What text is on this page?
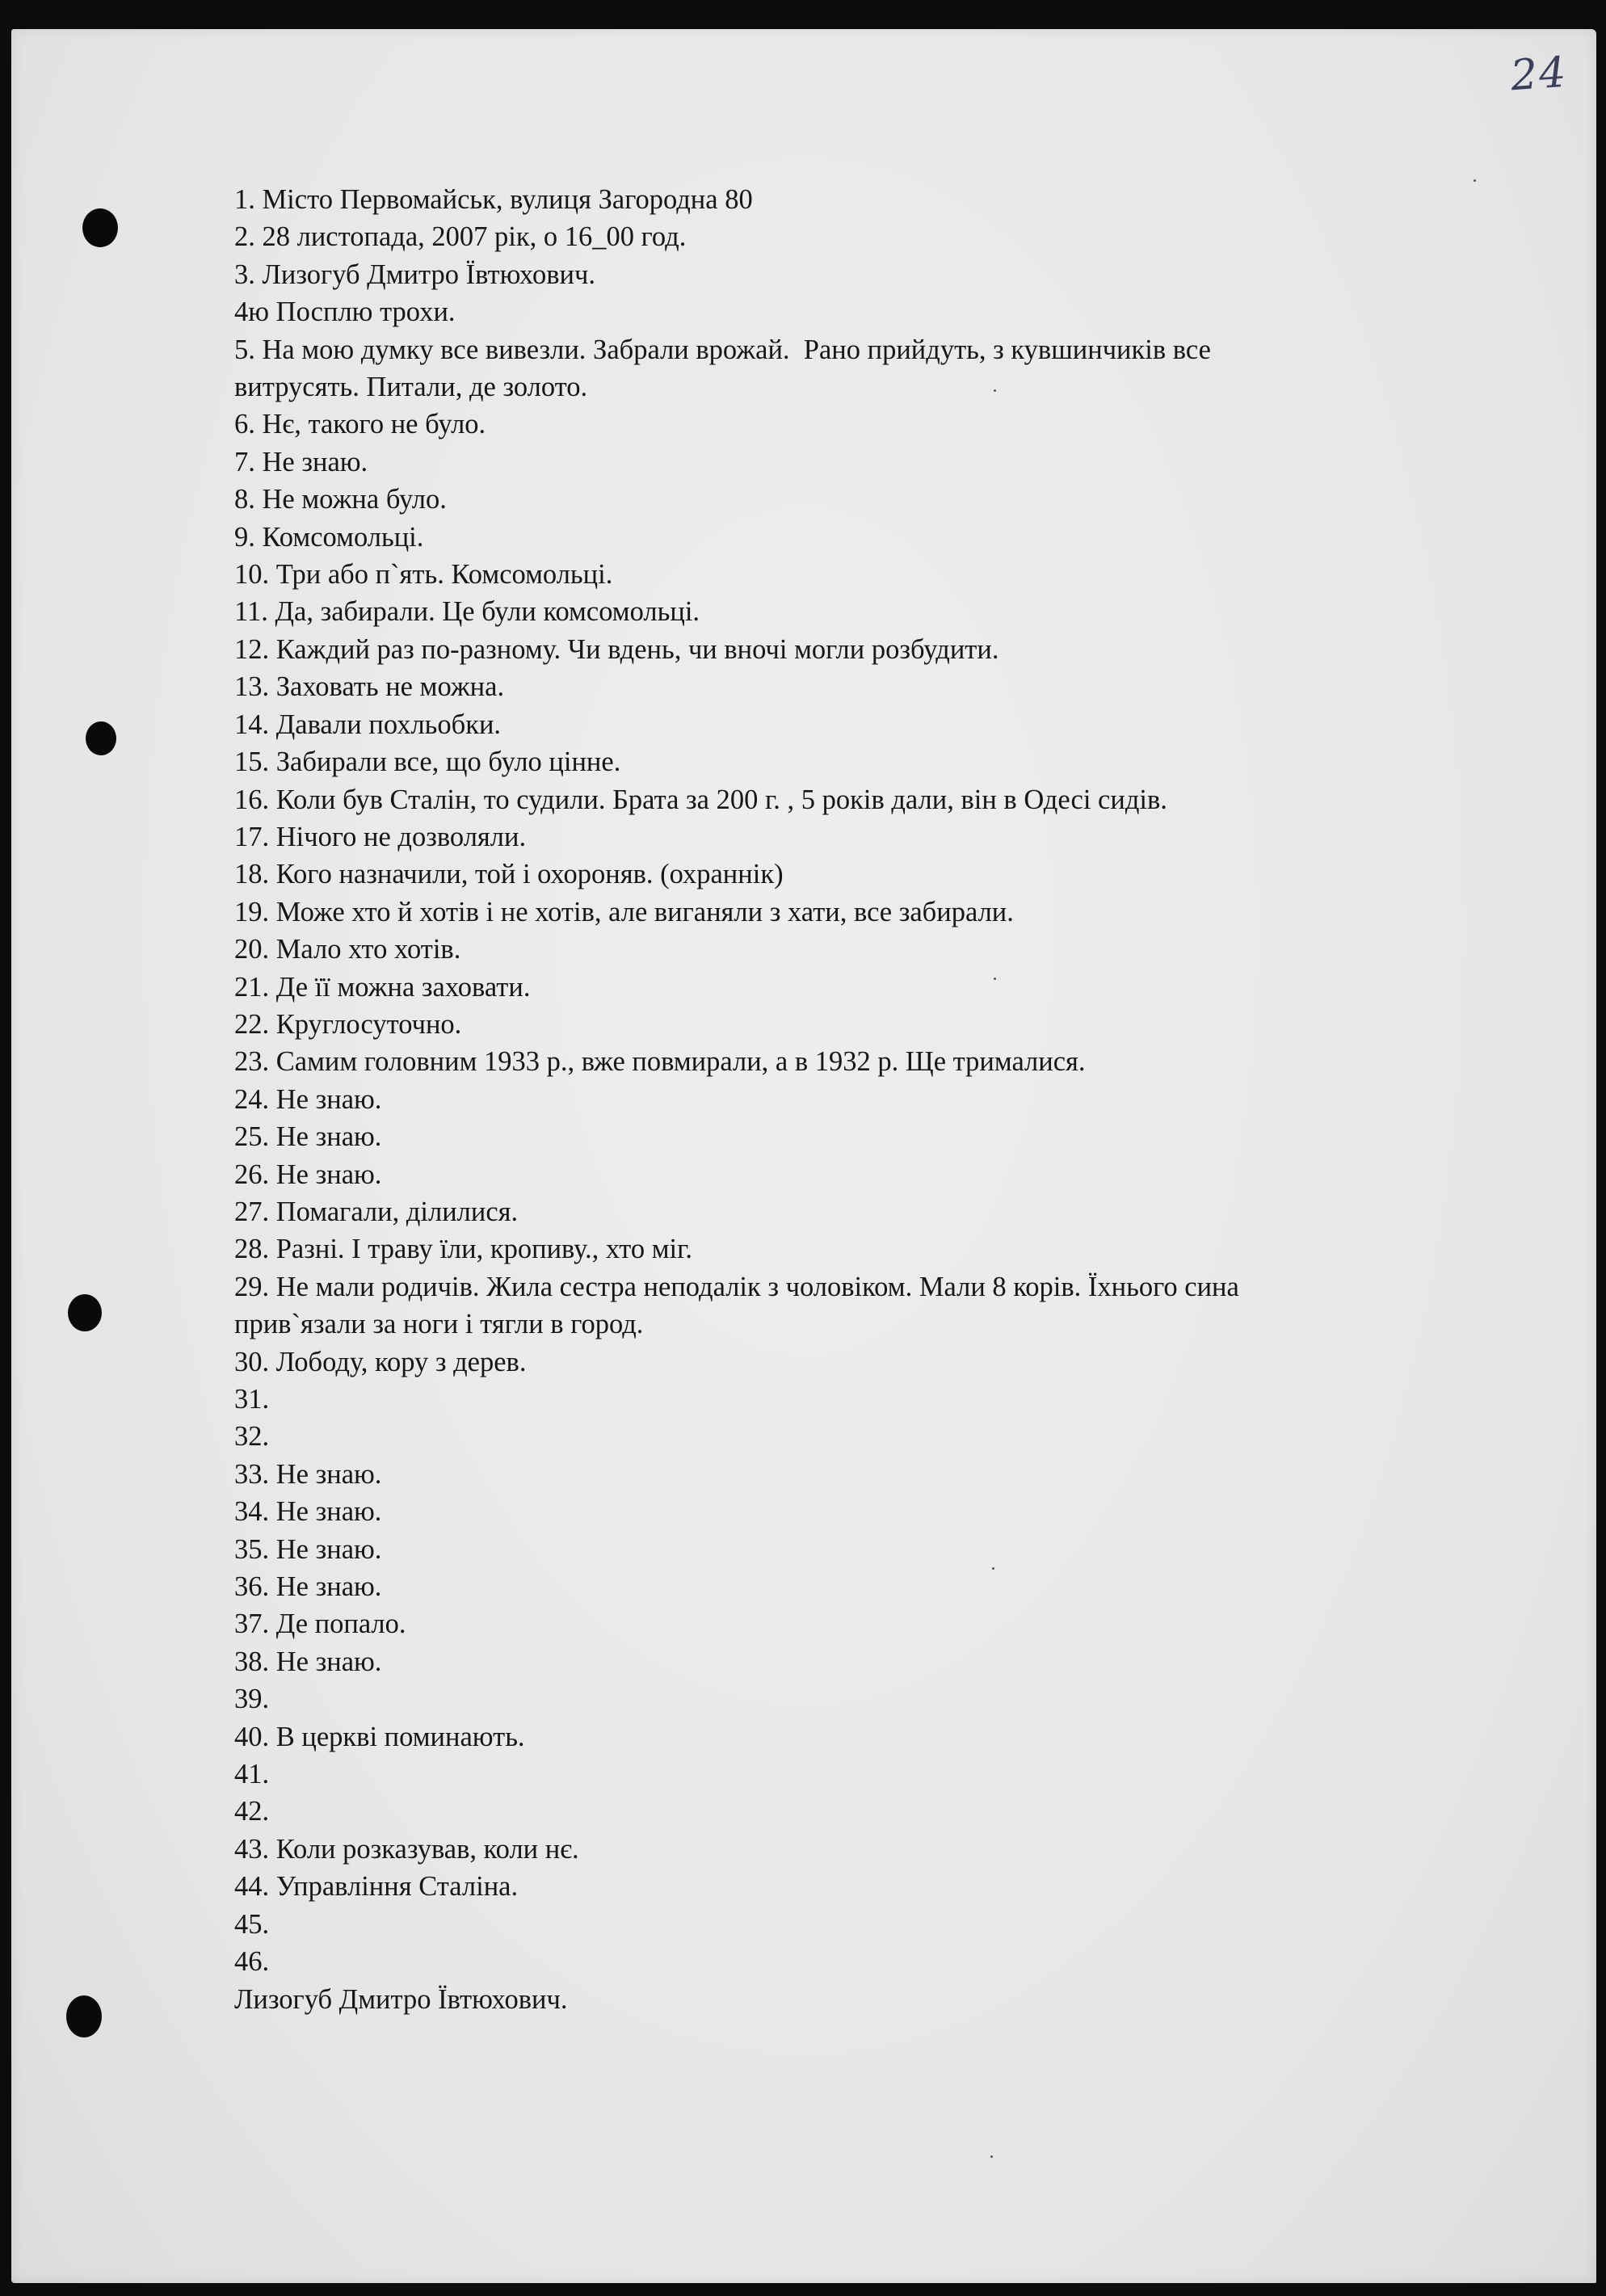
24
1. Місто Первомайськ, вулиця Загородна 80
2. 28 листопада, 2007 рік, о 16_00 год.
3. Лизогуб Дмитро Ївтюхович.
4ю Посплю трохи.
5. На мою думку все вивезли. Забрали врожай.  Рано прийдуть, з кувшинчиків все
витрусять. Питали, де золото.
6. Нє, такого не було.
7. Не знаю.
8. Не можна було.
9. Комсомольці.
10. Три або п`ять. Комсомольці.
11. Да, забирали. Це були комсомольці.
12. Каждий раз по-разному. Чи вдень, чи вночі могли розбудити.
13. Заховать не можна.
14. Давали похльобки.
15. Забирали все, що було цінне.
16. Коли був Сталін, то судили. Брата за 200 г. , 5 років дали, він в Одесі сидів.
17. Нічого не дозволяли.
18. Кого назначили, той і охороняв. (охраннік)
19. Може хто й хотів і не хотів, але виганяли з хати, все забирали.
20. Мало хто хотів.
21. Де її можна заховати.
22. Круглосуточно.
23. Самим головним 1933 р., вже повмирали, а в 1932 р. Ще трималися.
24. Не знаю.
25. Не знаю.
26. Не знаю.
27. Помагали, ділилися.
28. Разні. І траву їли, кропиву., хто міг.
29. Не мали родичів. Жила сестра неподалік з чоловіком. Мали 8 корів. Їхнього сина
прив`язали за ноги і тягли в город.
30. Лободу, кору з дерев.
31.
32.
33. Не знаю.
34. Не знаю.
35. Не знаю.
36. Не знаю.
37. Де попало.
38. Не знаю.
39.
40. В церкві поминають.
41.
42.
43. Коли розказував, коли нє.
44. Управління Сталіна.
45.
46.
Лизогуб Дмитро Ївтюхович.
